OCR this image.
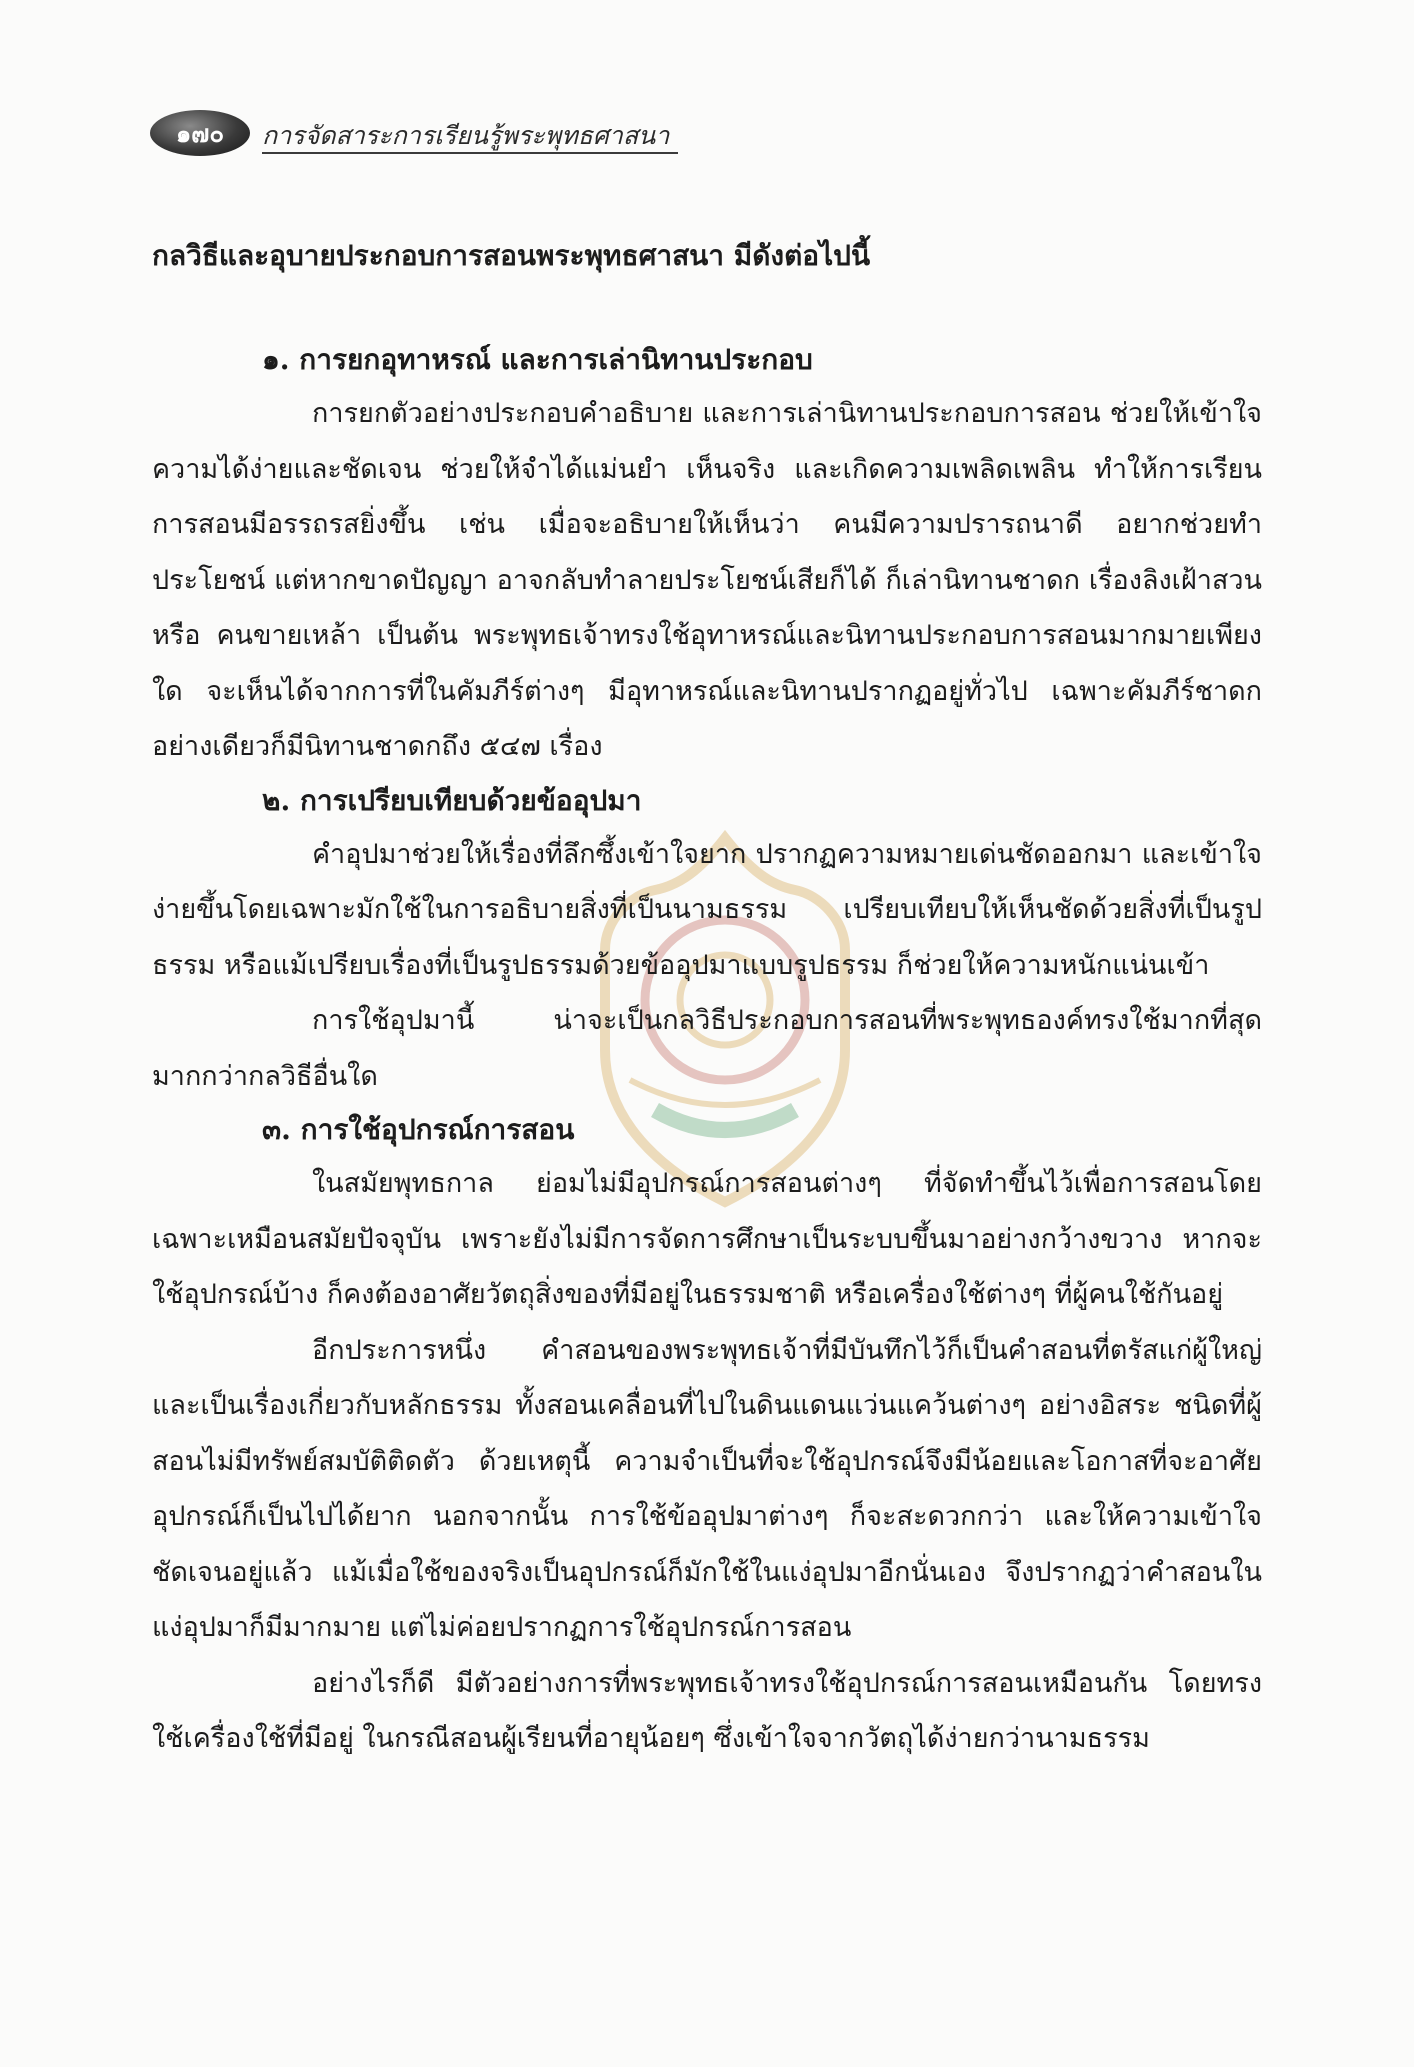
๑๗๐	การจัดสาระการเรียนรู้พระพุทธศาสนา
กลวิธีและอุบายประกอบการสอนพระพุทธศาสนา มีดังต่อไปนี้
๑. การยกอุทาหรณ์ และการเล่านิทานประกอบ

การยกตัวอย่างประกอบคำอธิบาย และการเล่านิทานประกอบการสอน ช่วยให้เข้าใจความได้ง่ายและชัดเจน ช่วยให้จำได้แม่นยำ เห็นจริง และเกิดความเพลิดเพลิน ทำให้การเรียนการสอนมีอรรถรสยิ่งขึ้น เช่น เมื่อจะอธิบายให้เห็นว่า คนมีความปรารถนาดี อยากช่วยทำประโยชน์ แต่หากขาดปัญญา อาจกลับทำลายประโยชน์เสียก็ได้ ก็เล่านิทานชาดก เรื่องลิงเฝ้าสวน หรือ คนขายเหล้า เป็นต้น พระพุทธเจ้าทรงใช้อุทาหรณ์และนิทานประกอบการสอนมากมายเพียงใด จะเห็นได้จากการที่ในคัมภีร์ต่างๆ มีอุทาหรณ์และนิทานปรากฏอยู่ทั่วไป เฉพาะคัมภีร์ชาดกอย่างเดียวก็มีนิทานชาดกถึง ๕๔๗ เรื่อง

๒. การเปรียบเทียบด้วยข้ออุปมา

คำอุปมาช่วยให้เรื่องที่ลึกซึ้งเข้าใจยาก ปรากฏความหมายเด่นชัดออกมา และเข้าใจง่ายขึ้นโดยเฉพาะมักใช้ในการอธิบายสิ่งที่เป็นนามธรรม เปรียบเทียบให้เห็นชัดด้วยสิ่งที่เป็นรูปธรรม หรือแม้เปรียบเรื่องที่เป็นรูปธรรมด้วยข้ออุปมาแบบรูปธรรม ก็ช่วยให้ความหนักแน่นเข้า

การใช้อุปมานี้ น่าจะเป็นกลวิธีประกอบการสอนที่พระพุทธองค์ทรงใช้มากที่สุด มากกว่ากลวิธีอื่นใด

๓. การใช้อุปกรณ์การสอน

ในสมัยพุทธกาล ย่อมไม่มีอุปกรณ์การสอนต่างๆ ที่จัดทำขึ้นไว้เพื่อการสอนโดยเฉพาะเหมือนสมัยปัจจุบัน เพราะยังไม่มีการจัดการศึกษาเป็นระบบขึ้นมาอย่างกว้างขวาง หากจะใช้อุปกรณ์บ้าง ก็คงต้องอาศัยวัตถุสิ่งของที่มีอยู่ในธรรมชาติ หรือเครื่องใช้ต่างๆ ที่ผู้คนใช้กันอยู่

อีกประการหนึ่ง คำสอนของพระพุทธเจ้าที่มีบันทึกไว้ก็เป็นคำสอนที่ตรัสแก่ผู้ใหญ่ และเป็นเรื่องเกี่ยวกับหลักธรรม ทั้งสอนเคลื่อนที่ไปในดินแดนแว่นแคว้นต่างๆ อย่างอิสระ ชนิดที่ผู้สอนไม่มีทรัพย์สมบัติติดตัว ด้วยเหตุนี้ ความจำเป็นที่จะใช้อุปกรณ์จึงมีน้อยและโอกาสที่จะอาศัยอุปกรณ์ก็เป็นไปได้ยาก นอกจากนั้น การใช้ข้ออุปมาต่างๆ ก็จะสะดวกกว่า และให้ความเข้าใจชัดเจนอยู่แล้ว แม้เมื่อใช้ของจริงเป็นอุปกรณ์ก็มักใช้ในแง่อุปมาอีกนั่นเอง จึงปรากฏว่าคำสอนในแง่อุปมาก็มีมากมาย แต่ไม่ค่อยปรากฏการใช้อุปกรณ์การสอน

อย่างไรก็ดี มีตัวอย่างการที่พระพุทธเจ้าทรงใช้อุปกรณ์การสอนเหมือนกัน โดยทรงใช้เครื่องใช้ที่มีอยู่ ในกรณีสอนผู้เรียนที่อายุน้อยๆ ซึ่งเข้าใจจากวัตถุได้ง่ายกว่านามธรรม
